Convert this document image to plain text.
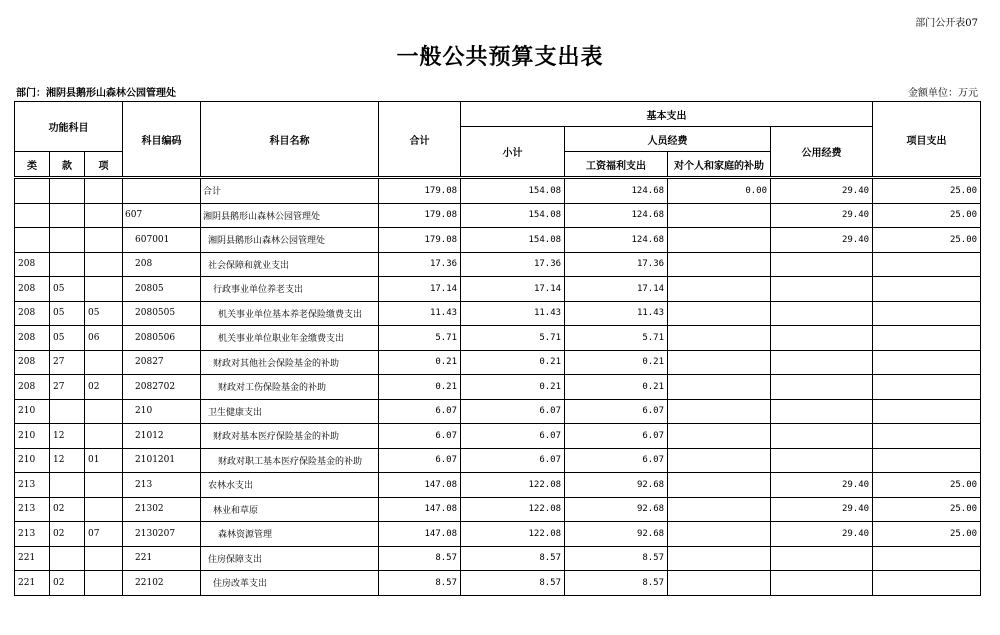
部门公开表07
一般公共预算支出表
部门：湘阴县鹅形山森林公园管理处	金额单位：万元
功能科目			科目编码	科目名称	合计	基本支出				项目支出
						小计	人员经费		公用经费	
类	款	项					工资福利支出	对个人和家庭的补助		

				合计	179.08	154.08	124.68	0.00	29.40	25.00
			607	湘阴县鹅形山森林公园管理处	179.08	154.08	124.68		29.40	25.00
			607001	湘阴县鹅形山森林公园管理处	179.08	154.08	124.68		29.40	25.00
208			208	社会保障和就业支出	17.36	17.36	17.36			
208	05		20805	行政事业单位养老支出	17.14	17.14	17.14			
208	05	05	2080505	机关事业单位基本养老保险缴费支出	11.43	11.43	11.43			
208	05	06	2080506	机关事业单位职业年金缴费支出	5.71	5.71	5.71			
208	27		20827	财政对其他社会保险基金的补助	0.21	0.21	0.21			
208	27	02	2082702	财政对工伤保险基金的补助	0.21	0.21	0.21			
210			210	卫生健康支出	6.07	6.07	6.07			
210	12		21012	财政对基本医疗保险基金的补助	6.07	6.07	6.07			
210	12	01	2101201	财政对职工基本医疗保险基金的补助	6.07	6.07	6.07			
213			213	农林水支出	147.08	122.08	92.68		29.40	25.00
213	02		21302	林业和草原	147.08	122.08	92.68		29.40	25.00
213	02	07	2130207	森林资源管理	147.08	122.08	92.68		29.40	25.00
221			221	住房保障支出	8.57	8.57	8.57			
221	02		22102	住房改革支出	8.57	8.57	8.57			
